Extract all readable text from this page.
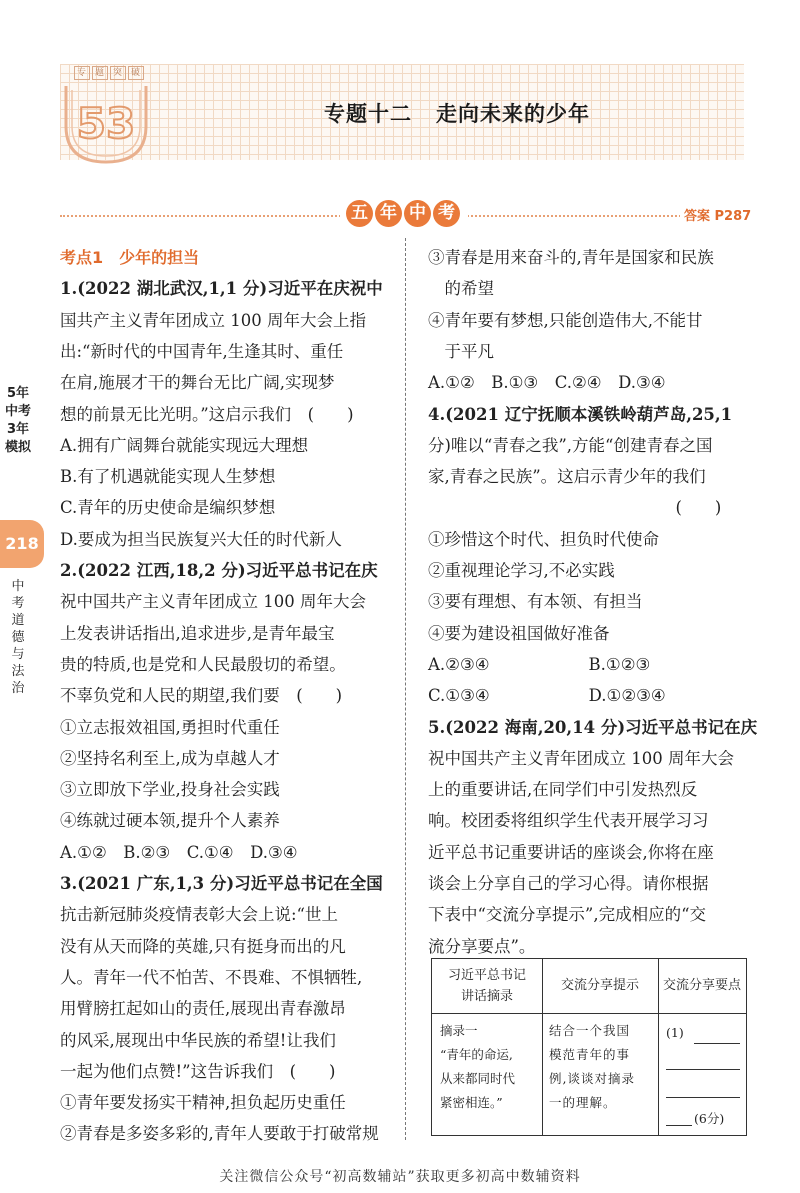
53
专 题 突 破
专题十二 走向未来的少年
五 年 中 考	答案 P287
5年
中考
3年
模拟
218
中
考
道
德
与
法
治
考点1　少年的担当
1.(2022 湖北武汉,1,1 分)习近平在庆祝中
国共产主义青年团成立 100 周年大会上指
出:“新时代的中国青年,生逢其时、重任
在肩,施展才干的舞台无比广阔,实现梦
想的前景无比光明。”这启示我们　(　　)
A.拥有广阔舞台就能实现远大理想
B.有了机遇就能实现人生梦想
C.青年的历史使命是编织梦想
D.要成为担当民族复兴大任的时代新人
2.(2022 江西,18,2 分)习近平总书记在庆
祝中国共产主义青年团成立 100 周年大会
上发表讲话指出,追求进步,是青年最宝
贵的特质,也是党和人民最殷切的希望。
不辜负党和人民的期望,我们要　(　　)
①立志报效祖国,勇担时代重任
②坚持名利至上,成为卓越人才
③立即放下学业,投身社会实践
④练就过硬本领,提升个人素养
A.①②　B.②③　C.①④　D.③④
3.(2021 广东,1,3 分)习近平总书记在全国
抗击新冠肺炎疫情表彰大会上说:“世上
没有从天而降的英雄,只有挺身而出的凡
人。青年一代不怕苦、不畏难、不惧牺牲,
用臂膀扛起如山的责任,展现出青春激昂
的风采,展现出中华民族的希望!让我们
一起为他们点赞!”这告诉我们　(　　)
①青年要发扬实干精神,担负起历史重任
②青春是多姿多彩的,青年人要敢于打破常规
③青春是用来奋斗的,青年是国家和民族
　的希望
④青年要有梦想,只能创造伟大,不能甘
　于平凡
A.①②　B.①③　C.②④　D.③④
4.(2021 辽宁抚顺本溪铁岭葫芦岛,25,1
分)唯以“青春之我”,方能“创建青春之国
家,青春之民族”。这启示青少年的我们
　　　　　　　　　　　　　　　(　　)
①珍惜这个时代、担负时代使命
②重视理论学习,不必实践
③要有理想、有本领、有担当
④要为建设祖国做好准备
A.②③④　　　　　　B.①②③
C.①③④　　　　　　D.①②③④
5.(2022 海南,20,14 分)习近平总书记在庆
祝中国共产主义青年团成立 100 周年大会
上的重要讲话,在同学们中引发热烈反
响。校团委将组织学生代表开展学习习
近平总书记重要讲话的座谈会,你将在座
谈会上分享自己的学习心得。请你根据
下表中“交流分享提示”,完成相应的“交
流分享要点”。
习近平总书记
讲话摘录
交流分享提示	交流分享要点
摘录一
“青年的命运,
从来都同时代
紧密相连。”
结合一个我国
模范青年的事
例,谈谈对摘录
一的理解。
(1)
(6分)
关注微信公众号“初高数辅站”获取更多初高中数辅资料
